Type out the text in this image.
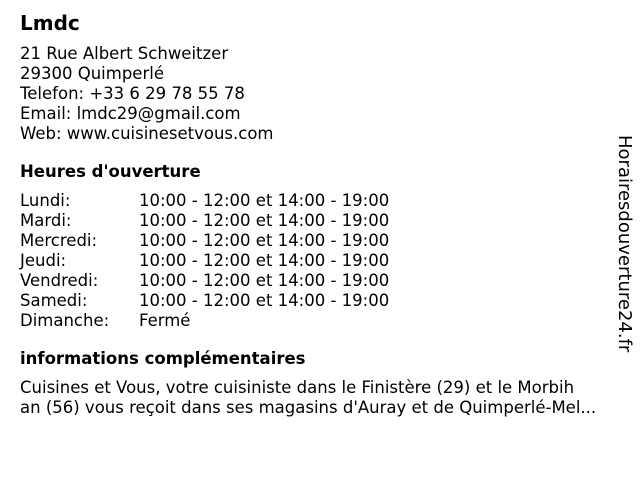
Lmdc
21 Rue Albert Schweitzer
29300 Quimperlé
Telefon: +33 6 29 78 55 78
Email: lmdc29@gmail.com
Web: www.cuisinesetvous.com
Heures d'ouverture
Lundi:	10:00 - 12:00 et 14:00 - 19:00
Mardi:	10:00 - 12:00 et 14:00 - 19:00
Mercredi:	10:00 - 12:00 et 14:00 - 19:00
Jeudi:	10:00 - 12:00 et 14:00 - 19:00
Vendredi:	10:00 - 12:00 et 14:00 - 19:00
Samedi:	10:00 - 12:00 et 14:00 - 19:00
Dimanche:	Fermé
informations complémentaires
Cuisines et Vous, votre cuisiniste dans le Finistère (29) et le Morbih
an (56) vous reçoit dans ses magasins d'Auray et de Quimperlé-Mel...
Horairesdouverture24.fr
